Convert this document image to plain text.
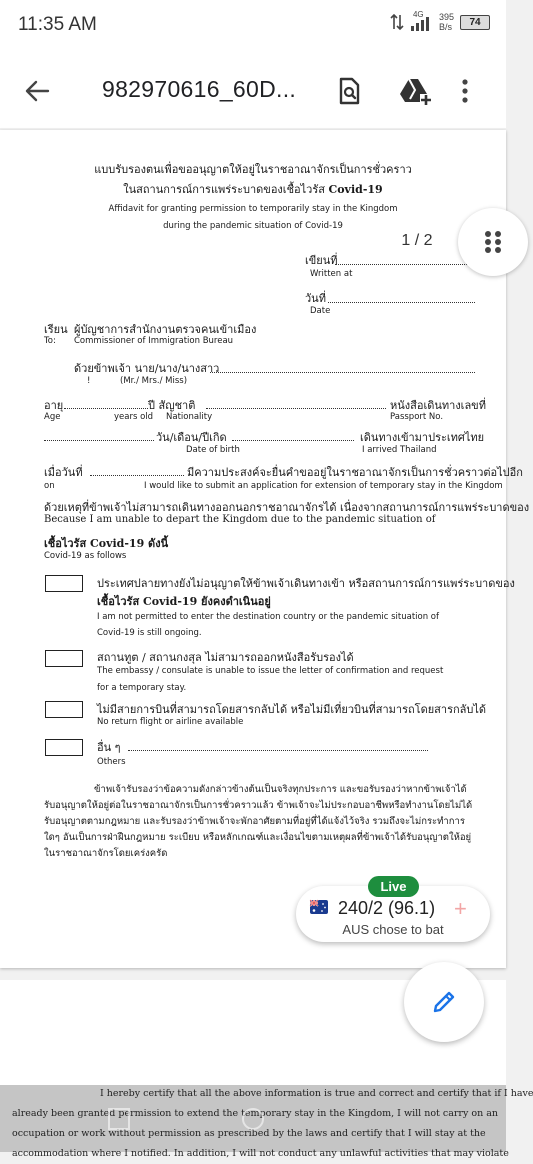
11:35 AM	4G 395
B/s 74
982970616_60D...
แบบรับรองตนเพื่อขออนุญาตให้อยู่ในราชอาณาจักรเป็นการชั่วคราว
ในสถานการณ์การแพร่ระบาดของเชื้อไวรัส Covid-19
Affidavit for granting permission to temporarily stay in the Kingdom
during the pandemic situation of Covid-19
เขียนที่
Written at
วันที่
Date
เรียน ผู้บัญชาการสำนักงานตรวจคนเข้าเมือง
To: Commissioner of Immigration Bureau
ด้วยข้าพเจ้า นาย/นาง/นางสาว
!	(Mr./ Mrs./ Miss)
อายุ	ปี สัญชาติ	หนังสือเดินทางเลขที่
Age	years old Nationality	Passport No.
วัน/เดือน/ปีเกิด	เดินทางเข้ามาประเทศไทย
Date of birth	I arrived Thailand
เมื่อวันที่	มีความประสงค์จะยื่นคำขออยู่ในราชอาณาจักรเป็นการชั่วคราวต่อไปอีก
on	I would like to submit an application for extension of temporary stay in the Kingdom
ด้วยเหตุที่ข้าพเจ้าไม่สามารถเดินทางออกนอกราชอาณาจักรได้ เนื่องจากสถานการณ์การแพร่ระบาดของ
Because I am unable to depart the Kingdom due to the pandemic situation of
เชื้อไวรัส Covid-19 ดังนี้
Covid-19 as follows
ประเทศปลายทางยังไม่อนุญาตให้ข้าพเจ้าเดินทางเข้า หรือสถานการณ์การแพร่ระบาดของ
เชื้อไวรัส Covid-19 ยังคงดำเนินอยู่
I am not permitted to enter the destination country or the pandemic situation of
Covid-19 is still ongoing.
สถานทูต / สถานกงสุล ไม่สามารถออกหนังสือรับรองได้
The embassy / consulate is unable to issue the letter of confirmation and request
for a temporary stay.
ไม่มีสายการบินที่สามารถโดยสารกลับได้ หรือไม่มีเที่ยวบินที่สามารถโดยสารกลับได้
No return flight or airline available
อื่น ๆ
Others
ข้าพเจ้ารับรองว่าข้อความดังกล่าวข้างต้นเป็นจริงทุกประการ และขอรับรองว่าหากข้าพเจ้าได้รับอนุญาตให้อยู่ต่อในราชอาณาจักรเป็นการชั่วคราวแล้ว ข้าพเจ้าจะไม่ประกอบอาชีพหรือทำงานโดยไม่ได้รับอนุญาตตามกฎหมาย และรับรองว่าข้าพเจ้าจะพักอาศัยตามที่อยู่ที่ได้แจ้งไว้จริง รวมถึงจะไม่กระทำการใดๆ อันเป็นการฝ่าฝืนกฎหมาย ระเบียบ หรือหลักเกณฑ์และเงื่อนไขตามเหตุผลที่ข้าพเจ้าได้รับอนุญาตให้อยู่ในราชอาณาจักรโดยเคร่งครัด
1 / 2
Live
240/2 (96.1) +
AUS chose to bat
I hereby certify that all the above information is true and correct and certify that if I have
already been granted permission to extend the temporary stay in the Kingdom, I will not carry on an
occupation or work without permission as prescribed by the laws and certify that I will stay at the
accommodation where I notified. In addition, I will not conduct any unlawful activities that may violate
